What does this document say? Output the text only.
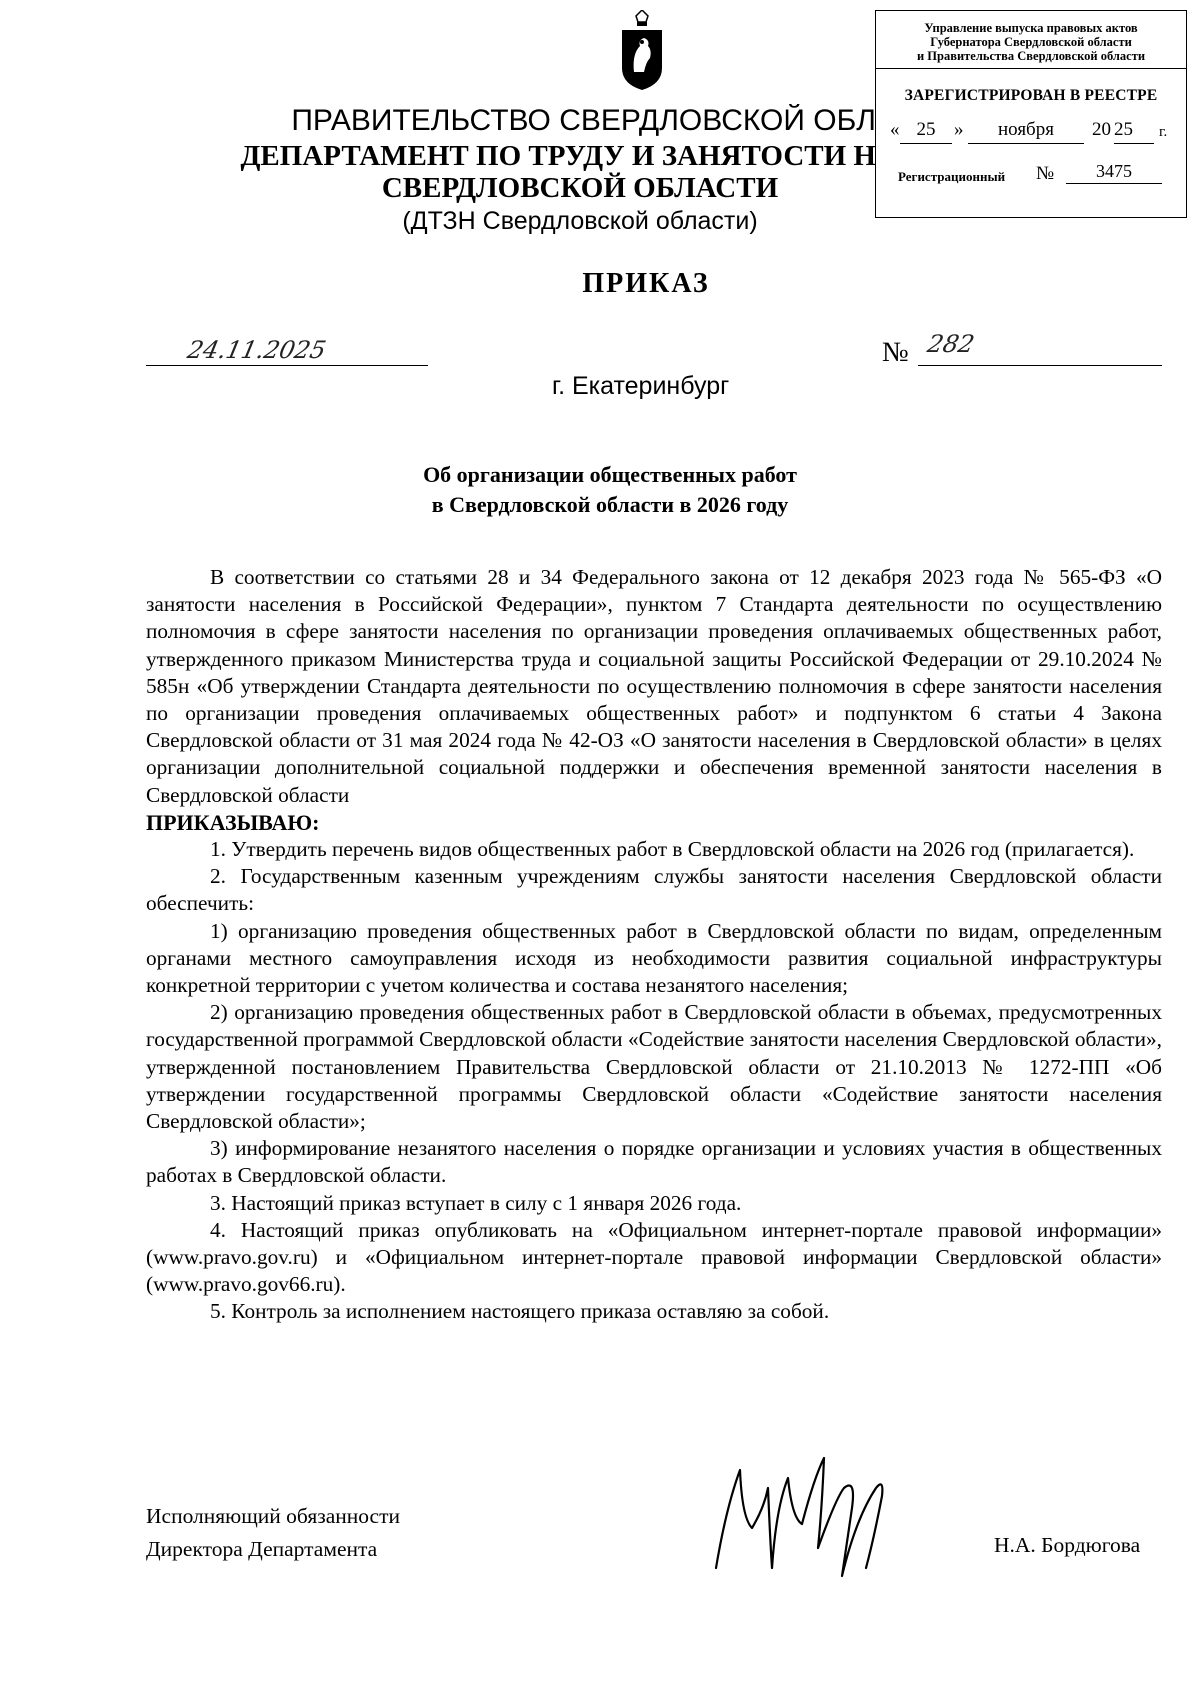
Управление выпуска правовых актов
Губернатора Свердловской области
и Правительства Свердловской области
ЗАРЕГИСТРИРОВАН В РЕЕСТРЕ
« 25 »	ноября	20 25	г.
Регистрационный №	3475
ПРАВИТЕЛЬСТВО СВЕРДЛОВСКОЙ ОБЛ
ДЕПАРТАМЕНТ ПО ТРУДУ И ЗАНЯТОСТИ Н
СВЕРДЛОВСКОЙ ОБЛАСТИ
(ДТЗН Свердловской области)
ПРИКАЗ
24.11.2025	№ 282
г. Екатеринбург
Об организации общественных работ
в Свердловской области в 2026 году

В соответствии со статьями 28 и 34 Федерального закона от 12 декабря 2023 года № 565-ФЗ «О занятости населения в Российской Федерации», пунктом 7 Стандарта деятельности по осуществлению полномочия в сфере занятости населения по организации проведения оплачиваемых общественных работ, утвержденного приказом Министерства труда и социальной защиты Российской Федерации от 29.10.2024 № 585н «Об утверждении Стандарта деятельности по осуществлению полномочия в сфере занятости населения по организации проведения оплачиваемых общественных работ» и подпунктом 6 статьи 4 Закона Свердловской области от 31 мая 2024 года № 42-ОЗ «О занятости населения в Свердловской области» в целях организации дополнительной социальной поддержки и обеспечения временной занятости населения в Свердловской области

ПРИКАЗЫВАЮ:

1. Утвердить перечень видов общественных работ в Свердловской области на 2026 год (прилагается).

2. Государственным казенным учреждениям службы занятости населения Свердловской области обеспечить:

1) организацию проведения общественных работ в Свердловской области по видам, определенным органами местного самоуправления исходя из необходимости развития социальной инфраструктуры конкретной территории с учетом количества и состава незанятого населения;

2) организацию проведения общественных работ в Свердловской области в объемах, предусмотренных государственной программой Свердловской области «Содействие занятости населения Свердловской области», утвержденной постановлением Правительства Свердловской области от 21.10.2013 № 1272-ПП «Об утверждении государственной программы Свердловской области «Содействие занятости населения Свердловской области»;

3) информирование незанятого населения о порядке организации и условиях участия в общественных работах в Свердловской области.

3. Настоящий приказ вступает в силу с 1 января 2026 года.

4. Настоящий приказ опубликовать на «Официальном интернет-портале правовой информации» (www.pravo.gov.ru) и «Официальном интернет-портале правовой информации Свердловской области» (www.pravo.gov66.ru).

5. Контроль за исполнением настоящего приказа оставляю за собой.

Исполняющий обязанности
Директора Департамента	Н.А. Бордюгова
